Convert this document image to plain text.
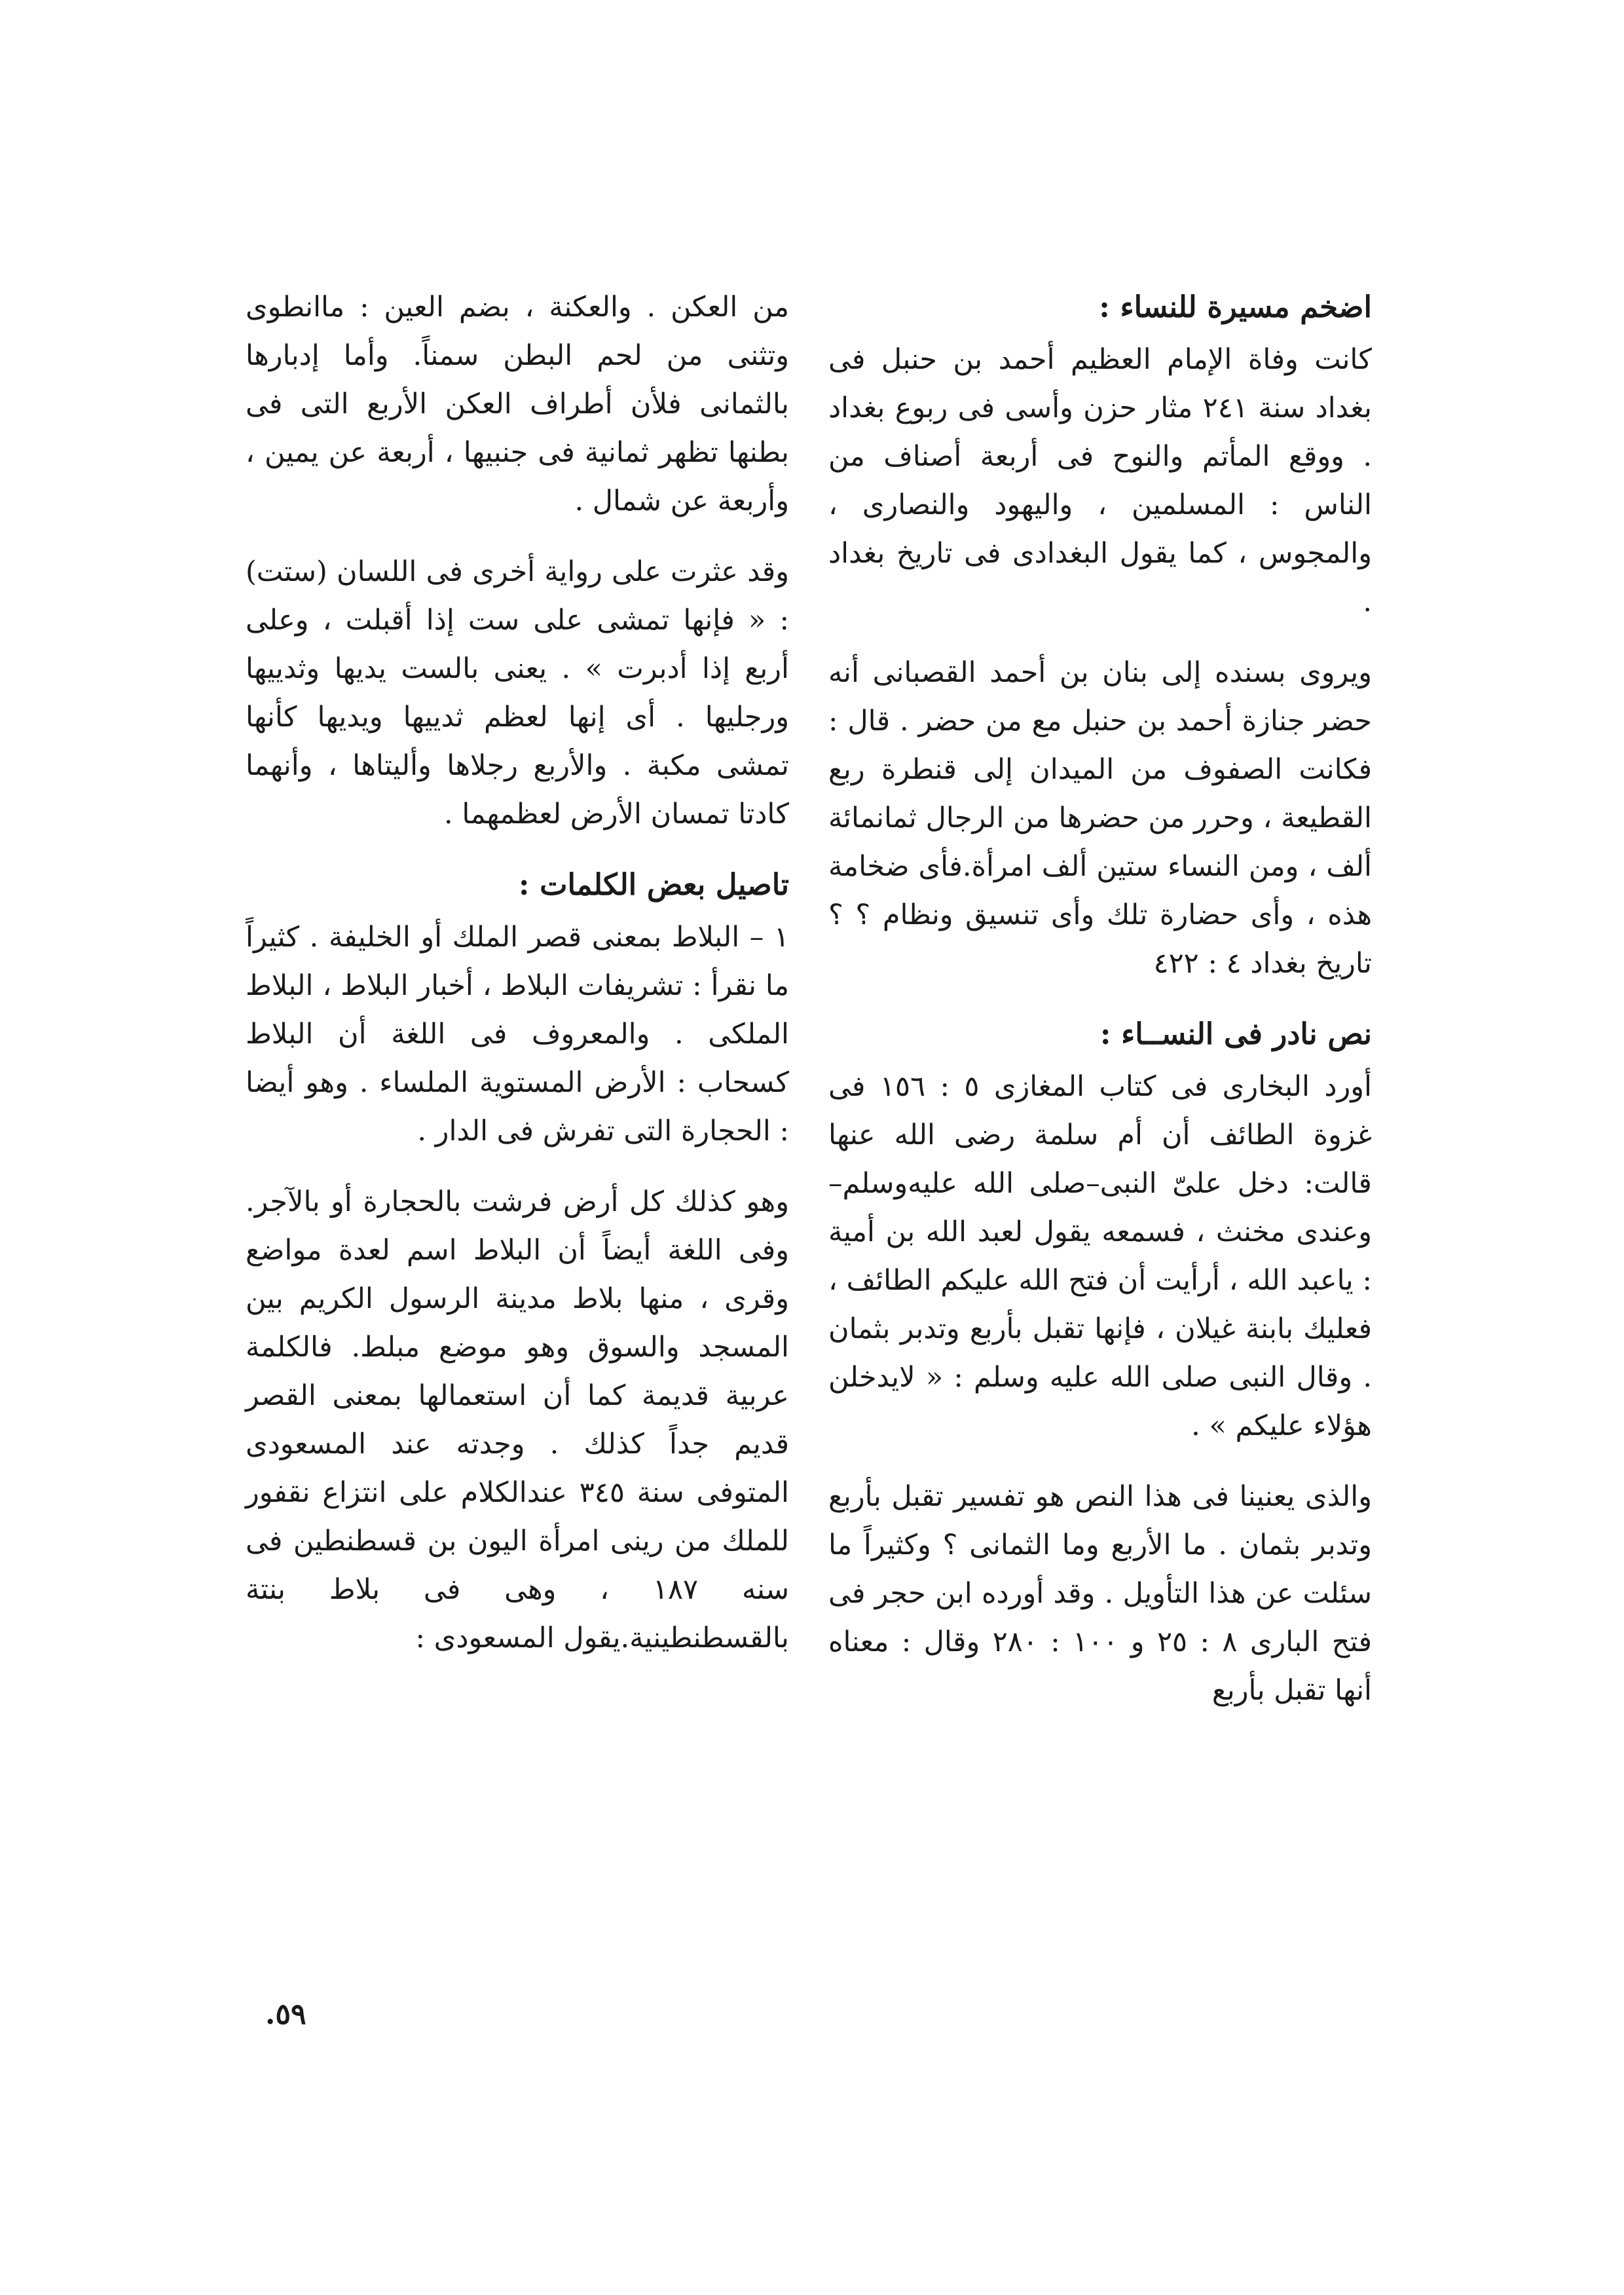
اضخم مسيرة للنساء :

كانت وفاة الإمام العظيم أحمد بن حنبل فى بغداد سنة ٢٤١ مثار حزن وأسى فى ربوع بغداد . ووقع المأتم والنوح فى أربعة أصناف من الناس : المسلمين ، واليهود والنصارى ، والمجوس ، كما يقول البغدادى فى تاريخ بغداد .

ويروى بسنده إلى بنان بن أحمد القصبانى أنه حضر جنازة أحمد بن حنبل مع من حضر . قال : فكانت الصفوف من الميدان إلى قنطرة ربع القطيعة ، وحرر من حضرها من الرجال ثمانمائة ألف ، ومن النساء ستين ألف امرأة.فأى ضخامة هذه ، وأى حضارة تلك وأى تنسيق ونظام ؟ ؟ تاريخ بغداد ٤ : ٤٢٢

نص نادر فى النســاء :

أورد البخارى فى كتاب المغازى ٥ : ١٥٦ فى غزوة الطائف أن أم سلمة رضى الله عنها قالت: دخل علىّ النبى–صلى الله عليه‌وسلم– وعندى مخنث ، فسمعه يقول لعبد الله بن أمية : ياعبد الله ، أرأيت أن فتح الله عليكم الطائف ، فعليك بابنة غيلان ، فإنها تقبل بأربع وتدبر بثمان . وقال النبى صلى الله عليه وسلم : « لايدخلن هؤلاء عليكم » .

والذى يعنينا فى هذا النص هو تفسير تقبل بأربع وتدبر بثمان . ما الأربع وما الثمانى ؟ وكثيراً ما سئلت عن هذا التأويل . وقد أورده ابن حجر فى فتح البارى ٨ : ٢٥ و ١٠٠ : ٢٨٠ وقال : معناه أنها تقبل بأربع

من العكن . والعكنة ، بضم العين : ماانطوى وتثنى من لحم البطن سمناً. وأما إدبارها بالثمانى فلأن أطراف العكن الأربع التى فى بطنها تظهر ثمانية فى جنبيها ، أربعة عن يمين ، وأربعة عن شمال .

وقد عثرت على رواية أخرى فى اللسان (ستت) : « فإنها تمشى على ست إذا أقبلت ، وعلى أربع إذا أدبرت » . يعنى بالست يديها وثدييها ورجليها . أى إنها لعظم ثدييها ويديها كأنها تمشى مكبة . والأربع رجلاها وأليتاها ، وأنهما كادتا تمسان الأرض لعظمهما .

تاصيل بعض الكلمات :

١ – البلاط بمعنى قصر الملك أو الخليفة . كثيراً ما نقرأ : تشريفات البلاط ، أخبار البلاط ، البلاط الملكى . والمعروف فى اللغة أن البلاط كسحاب : الأرض المستوية الملساء . وهو أيضا : الحجارة التى تفرش فى الدار .

وهو كذلك كل أرض فرشت بالحجارة أو بالآجر. وفى اللغة أيضاً أن البلاط اسم لعدة مواضع وقرى ، منها بلاط مدينة الرسول الكريم بين المسجد والسوق وهو موضع مبلط. فالكلمة عربية قديمة كما أن استعمالها بمعنى القصر قديم جداً كذلك . وجدته عند المسعودى المتوفى سنة ٣٤٥ عندالكلام على انتزاع نقفور للملك من رينى امرأة اليون بن قسطنطين فى سنه ١٨٧ ، وهى فى بلاط بنتة بالقسطنطينية.يقول المسعودى :

٥٩.
